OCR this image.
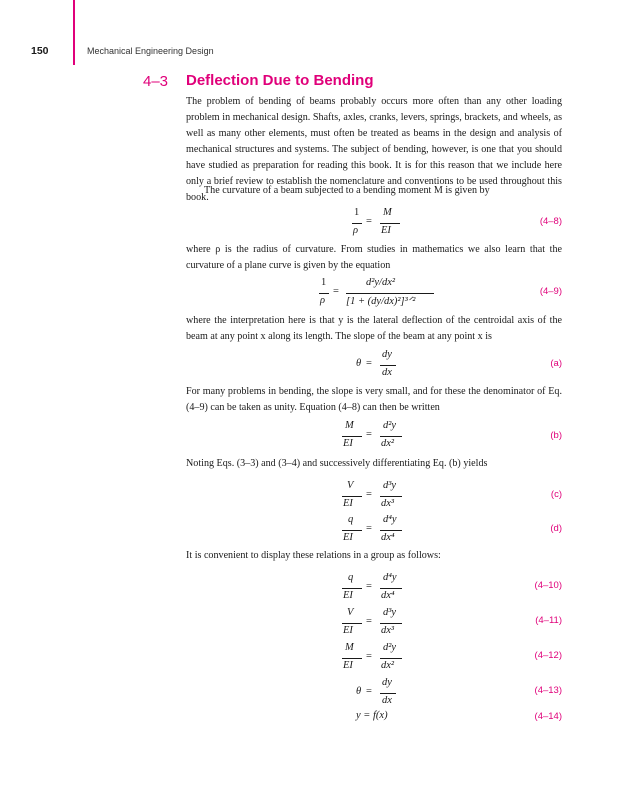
150	Mechanical Engineering Design
4–3 Deflection Due to Bending

The problem of bending of beams probably occurs more often than any other loading problem in mechanical design. Shafts, axles, cranks, levers, springs, brackets, and wheels, as well as many other elements, must often be treated as beams in the design and analysis of mechanical structures and systems. The subject of bending, however, is one that you should have studied as preparation for reading this book. It is for this reason that we include here only a brief review to establish the nomenclature and conventions to be used throughout this book.

The curvature of a beam subjected to a bending moment M is given by

1
ρ
=
M
EI
(4–8)

where ρ is the radius of curvature. From studies in mathematics we also learn that the curvature of a plane curve is given by the equation

1
ρ
=
d²y/dx²
[1 + (dy/dx)²]³ᐟ²
(4–9)

where the interpretation here is that y is the lateral deflection of the centroidal axis of the beam at any point x along its length. The slope of the beam at any point x is

θ =
dy
dx
(a)

For many problems in bending, the slope is very small, and for these the denominator of Eq. (4–9) can be taken as unity. Equation (4–8) can then be written

M
EI
=
d²y
dx²
(b)

Noting Eqs. (3–3) and (3–4) and successively differentiating Eq. (b) yields

V
EI
=
d³y
dx³
(c)
q
EI
=
d⁴y
dx⁴
(d)

It is convenient to display these relations in a group as follows:

q
EI
=
d⁴y
dx⁴
(4–10)
V
EI
=
d³y
dx³
(4–11)
M
EI
=
d²y
dx²
(4–12)
θ =
dy
dx
(4–13)
y = f(x)	(4–14)
